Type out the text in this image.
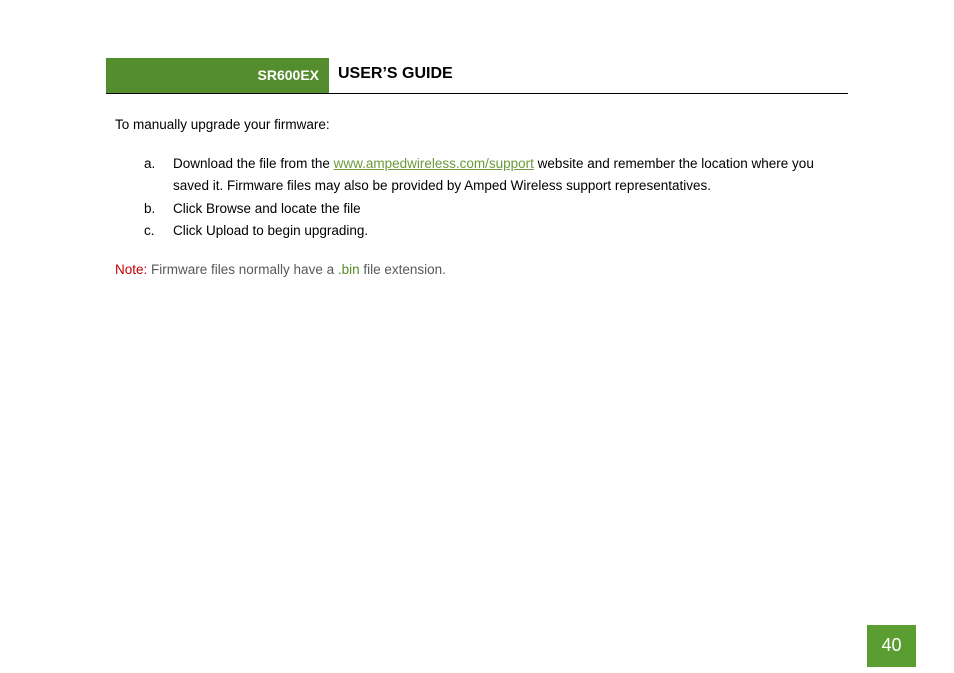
SR600EX USER’S GUIDE
To manually upgrade your firmware:
a.	Download the file from the www.ampedwireless.com/support website and remember the location where you saved it. Firmware files may also be provided by Amped Wireless support representatives.
b.	Click Browse and locate the file
c.	Click Upload to begin upgrading.
Note: Firmware files normally have a .bin file extension.
40
